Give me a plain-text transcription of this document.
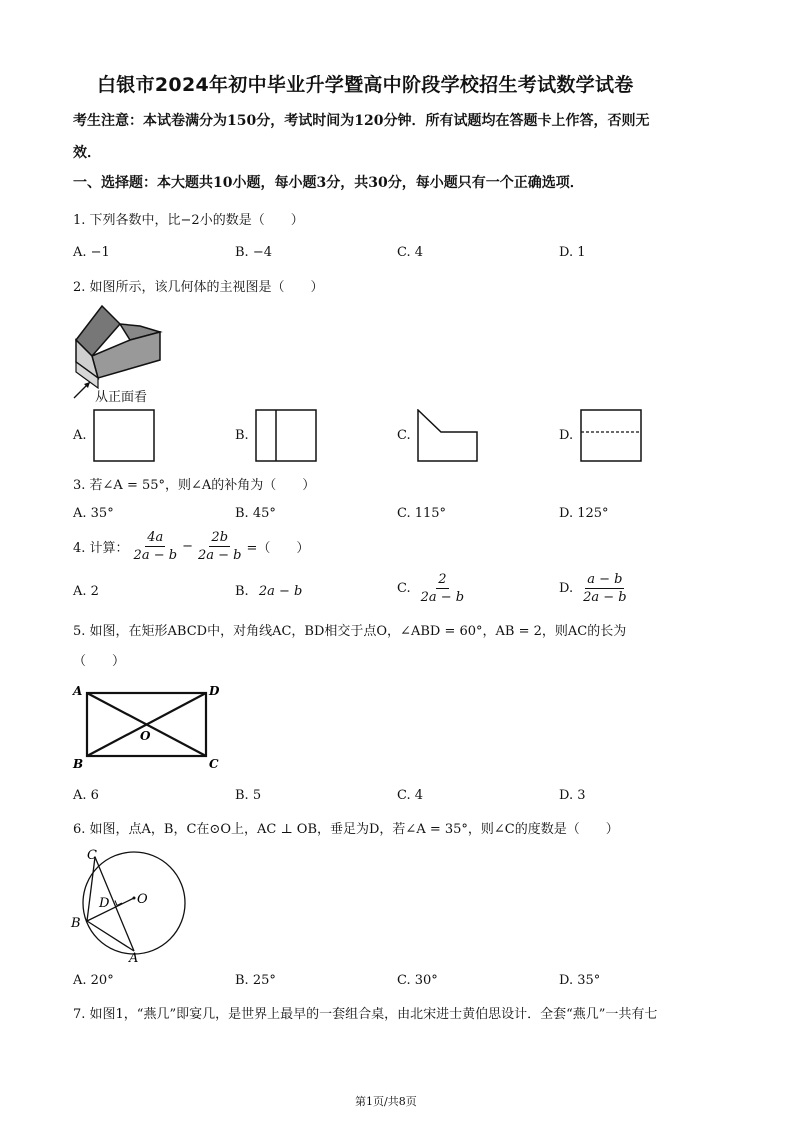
白银市2024年初中毕业升学暨高中阶段学校招生考试数学试卷
考生注意：本试卷满分为150分，考试时间为120分钟．所有试题均在答题卡上作答，否则无
效．
一、选择题：本大题共10小题，每小题3分，共30分，每小题只有一个正确选项．
1. 下列各数中，比−2小的数是（　　）
A. −1	B. −4	C. 4	D. 1
2. 如图所示，该几何体的主视图是（　　）
从正面看
A.	B.	C.	D.
3. 若∠A = 55°，则∠A的补角为（　　）
A. 35°	B. 45°	C. 115°	D. 125°
4. 计算： $\frac{4a}{2a - b} - \frac{2b}{2a - b}$ =（　　）
A. 2	B. 2a − b	C. $\frac{2}{2a - b}$	D. $\frac{a - b}{2a - b}$
5. 如图，在矩形ABCD中，对角线AC，BD相交于点O，∠ABD = 60°，AB = 2，则AC的长为
（　　）
A	D
B	C
O
A. 6	B. 5	C. 4	D. 3
6. 如图，点A，B，C在⊙O上，AC ⊥ OB，垂足为D，若∠A = 35°，则∠C的度数是（　　）
C
O
D
B
A
A. 20°	B. 25°	C. 30°	D. 35°
7. 如图1，“燕几”即宴几，是世界上最早的一套组合桌，由北宋进士黄伯思设计．全套“燕几”一共有七
第1页/共8页
